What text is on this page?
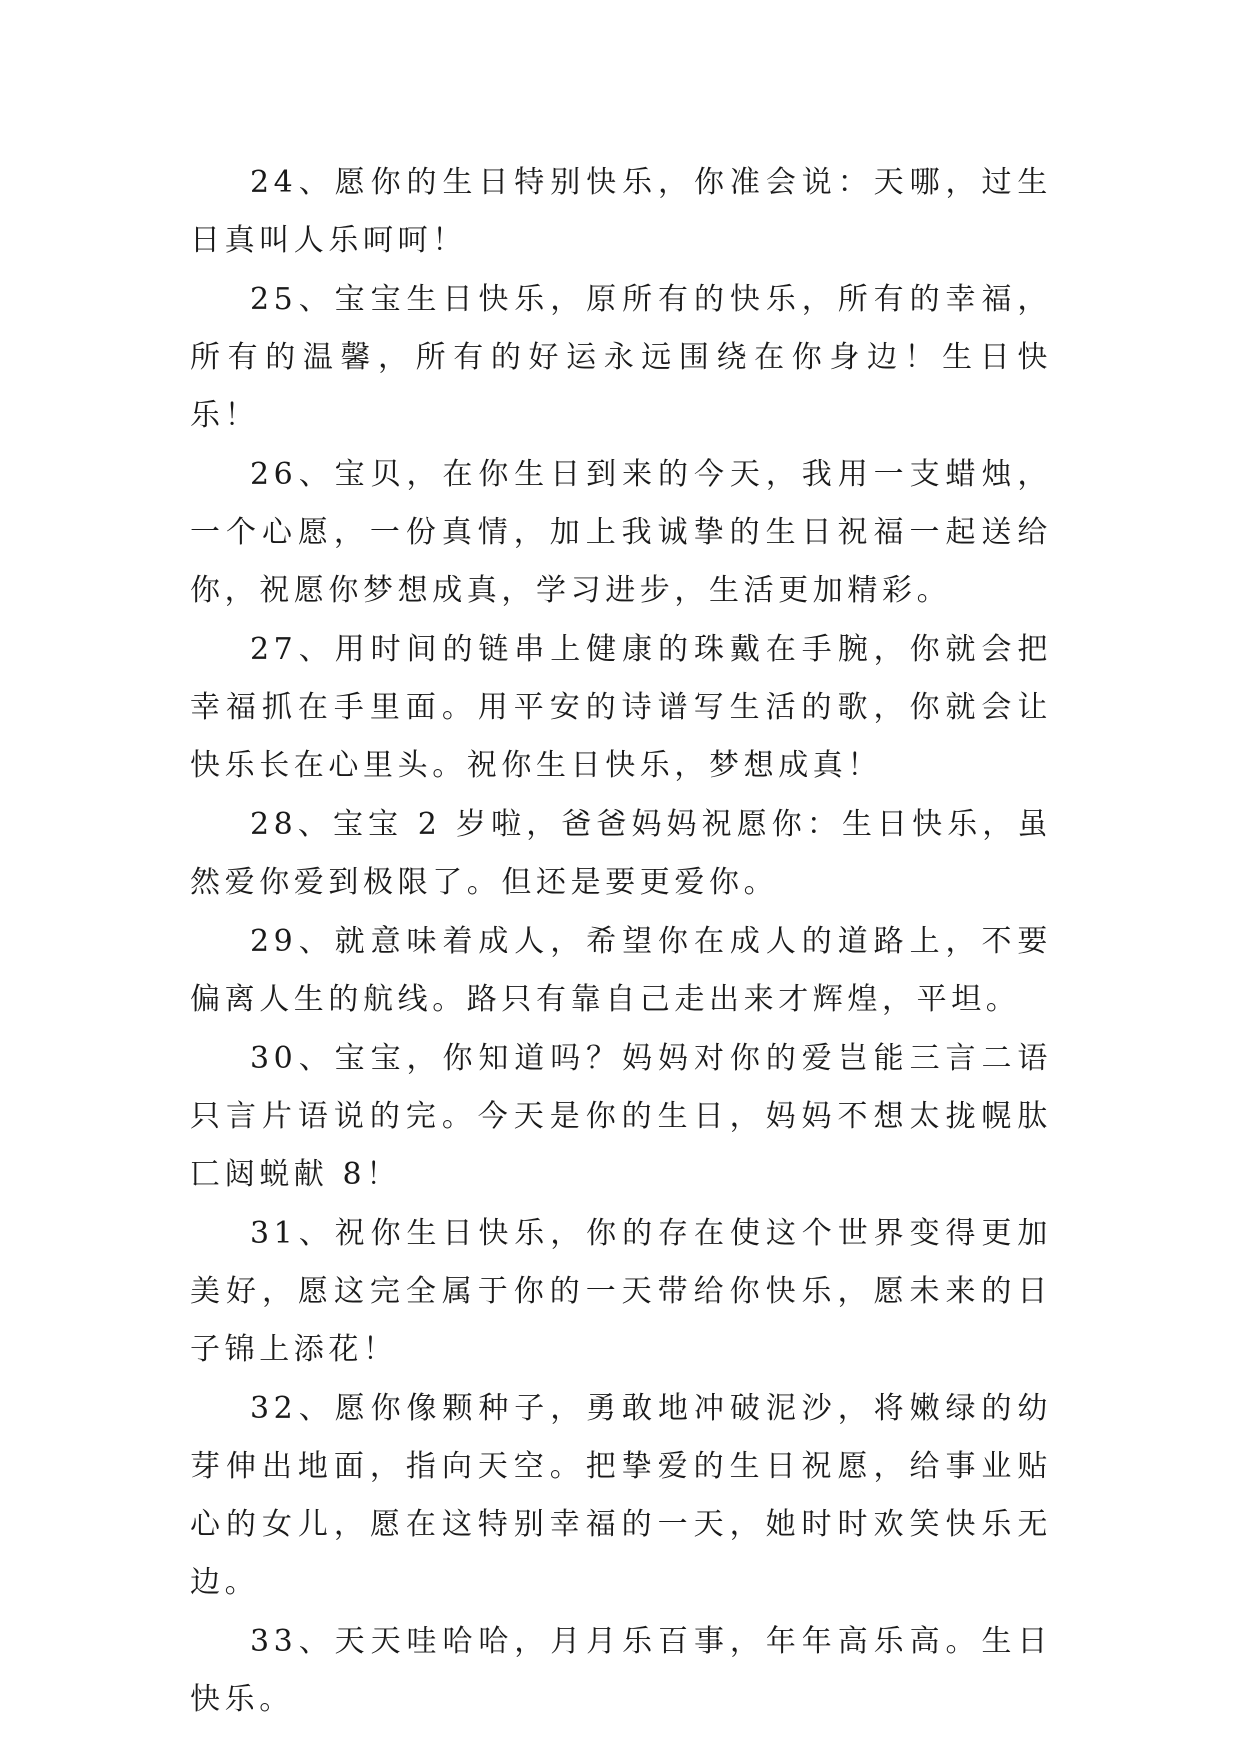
24、愿你的生日特别快乐，你准会说：天哪，过生日真叫人乐呵呵！

25、宝宝生日快乐，原所有的快乐，所有的幸福，所有的温馨，所有的好运永远围绕在你身边！生日快乐！

26、宝贝，在你生日到来的今天，我用一支蜡烛，一个心愿，一份真情，加上我诚挚的生日祝福一起送给你，祝愿你梦想成真，学习进步，生活更加精彩。

27、用时间的链串上健康的珠戴在手腕，你就会把幸福抓在手里面。用平安的诗谱写生活的歌，你就会让快乐长在心里头。祝你生日快乐，梦想成真！

28、宝宝 2 岁啦，爸爸妈妈祝愿你：生日快乐，虽然爱你爱到极限了。但还是要更爱你。

29、就意味着成人，希望你在成人的道路上，不要偏离人生的航线。路只有靠自己走出来才辉煌，平坦。

30、宝宝，你知道吗？妈妈对你的爱岂能三言二语只言片语说的完。今天是你的生日，妈妈不想太拢幌肽匸闼蜕献 8！

31、祝你生日快乐，你的存在使这个世界变得更加美好，愿这完全属于你的一天带给你快乐，愿未来的日子锦上添花！

32、愿你像颗种子，勇敢地冲破泥沙，将嫩绿的幼芽伸出地面，指向天空。把挚爱的生日祝愿，给事业贴心的女儿，愿在这特别幸福的一天，她时时欢笑快乐无边。

33、天天哇哈哈，月月乐百事，年年高乐高。生日快乐。
